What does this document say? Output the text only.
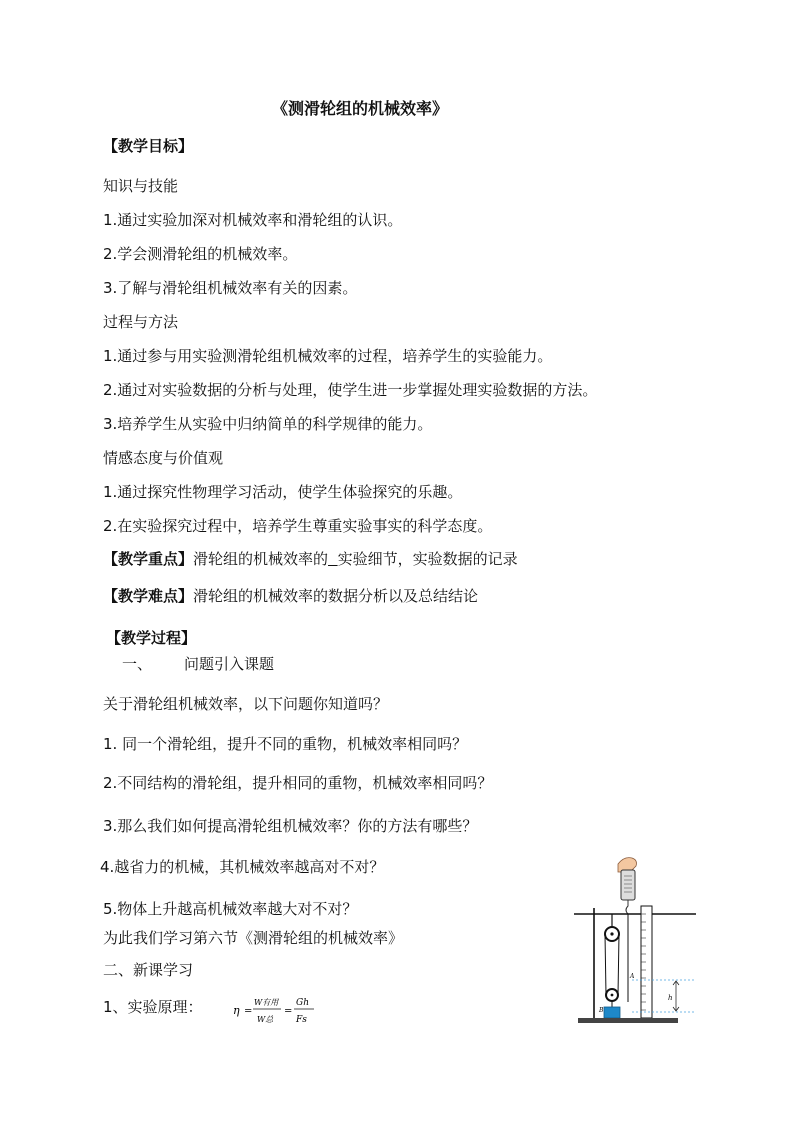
《测滑轮组的机械效率》
【教学目标】
知识与技能
1.通过实验加深对机械效率和滑轮组的认识。
2.学会测滑轮组的机械效率。
3.了解与滑轮组机械效率有关的因素。
过程与方法
1.通过参与用实验测滑轮组机械效率的过程，培养学生的实验能力。
2.通过对实验数据的分析与处理，使学生进一步掌握处理实验数据的方法。
3.培养学生从实验中归纳简单的科学规律的能力。
情感态度与价值观
1.通过探究性物理学习活动，使学生体验探究的乐趣。
2.在实验探究过程中，培养学生尊重实验事实的科学态度。
【教学重点】滑轮组的机械效率的 实验细节，实验数据的记录
【教学难点】滑轮组的机械效率的数据分析以及总结结论
【教学过程】
一、 问题引入课题
关于滑轮组机械效率，以下问题你知道吗？
1. 同一个滑轮组，提升不同的重物，机械效率相同吗？
2.不同结构的滑轮组，提升相同的重物，机械效率相同吗？
3.那么我们如何提高滑轮组机械效率？你的方法有哪些？
4.越省力的机械，其机械效率越高对不对？
5.物体上升越高机械效率越大对不对？
为此我们学习第六节《测滑轮组的机械效率》
二、新课学习
1、实验原理：	η =
W有用
W总
=
Gh
Fs
A
B
h
